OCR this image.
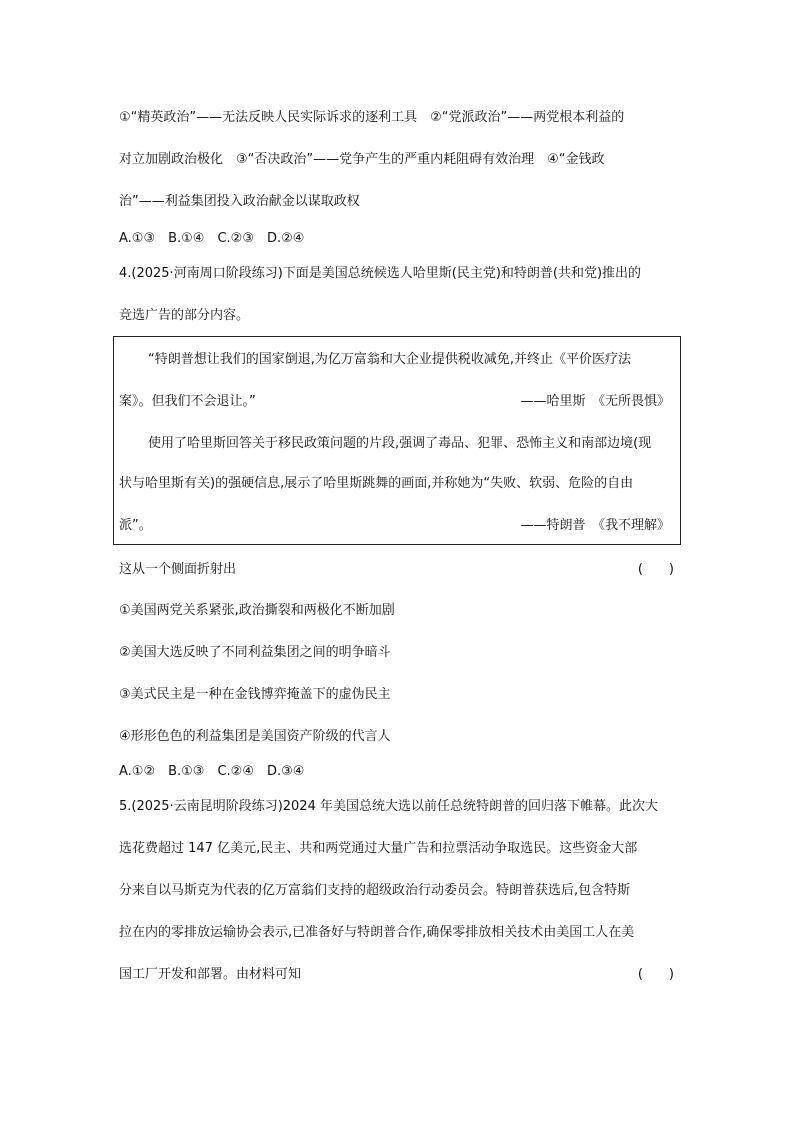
①“精英政治”——无法反映人民实际诉求的逐利工具　②“党派政治”——两党根本利益的
对立加剧政治极化　③“否决政治”——党争产生的严重内耗阻碍有效治理　④“金钱政
治”——利益集团投入政治献金以谋取政权
A.①③　B.①④　C.②③　D.②④
4.(2025·河南周口阶段练习)下面是美国总统候选人哈里斯(民主党)和特朗普(共和党)推出的
竞选广告的部分内容。
“特朗普想让我们的国家倒退,为亿万富翁和大企业提供税收减免,并终止《平价医疗法
案》。但我们不会退让。”	——哈里斯　《无所畏惧》
使用了哈里斯回答关于移民政策问题的片段,强调了毒品、犯罪、恐怖主义和南部边境(现
状与哈里斯有关)的强硬信息,展示了哈里斯跳舞的画面,并称她为“失败、软弱、危险的自由
派”。	——特朗普　《我不理解》
这从一个侧面折射出	(　　)
①美国两党关系紧张,政治撕裂和两极化不断加剧
②美国大选反映了不同利益集团之间的明争暗斗
③美式民主是一种在金钱博弈掩盖下的虚伪民主
④形形色色的利益集团是美国资产阶级的代言人
A.①②　B.①③　C.②④　D.③④
5.(2025·云南昆明阶段练习)2024 年美国总统大选以前任总统特朗普的回归落下帷幕。此次大
选花费超过 147 亿美元,民主、共和两党通过大量广告和拉票活动争取选民。这些资金大部
分来自以马斯克为代表的亿万富翁们支持的超级政治行动委员会。特朗普获选后,包含特斯
拉在内的零排放运输协会表示,已准备好与特朗普合作,确保零排放相关技术由美国工人在美
国工厂开发和部署。由材料可知	(　　)
